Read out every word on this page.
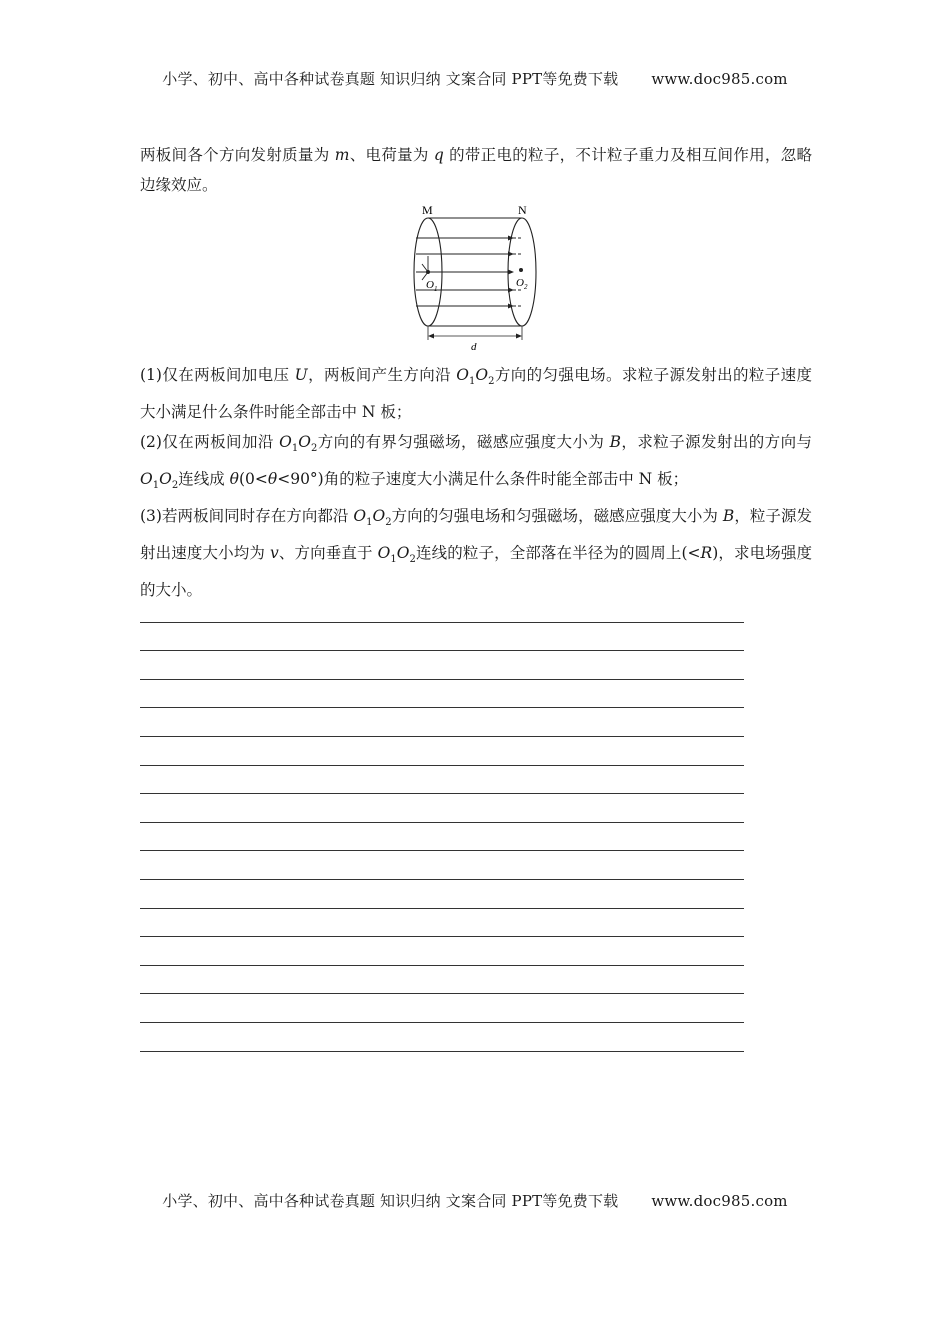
小学、初中、高中各种试卷真题 知识归纳 文案合同 PPT等免费下载 www.doc985.com
两板间各个方向发射质量为 m、电荷量为 q 的带正电的粒子，不计粒子重力及相互间作用，忽略边缘效应。
M	N
$O_1$	$O_2$
d
(1)仅在两板间加电压 U，两板间产生方向沿 $O_1O_2$方向的匀强电场。求粒子源发射出的粒子速度大小满足什么条件时能全部击中 N 板；
(2)仅在两板间加沿 $O_1O_2$方向的有界匀强磁场，磁感应强度大小为 B，求粒子源发射出的方向与 $O_1O_2$连线成 θ(0<θ<90°)角的粒子速度大小满足什么条件时能全部击中 N 板；
(3)若两板间同时存在方向都沿 $O_1O_2$方向的匀强电场和匀强磁场，磁感应强度大小为 B，粒子源发射出速度大小均为 v、方向垂直于 $O_1O_2$连线的粒子，全部落在半径为的圆周上(<R)，求电场强度的大小。
小学、初中、高中各种试卷真题 知识归纳 文案合同 PPT等免费下载 www.doc985.com
